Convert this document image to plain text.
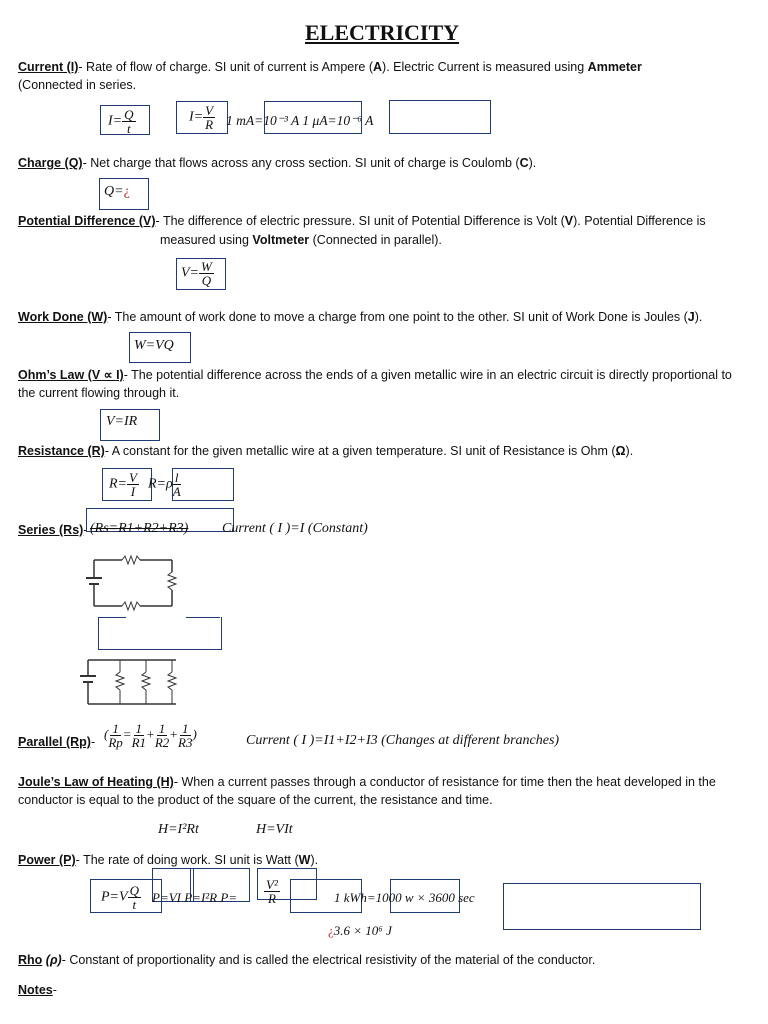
ELECTRICITY
Current (I)- Rate of flow of charge. SI unit of current is Ampere (A). Electric Current is measured using Ammeter
(Connected in series.
$I= \frac{Q}{t}$	$I= \frac{V}{R} 1$ mA=10⁻³ A 1 μA=10⁻⁶ A
Charge (Q)- Net charge that flows across any cross section. SI unit of charge is Coulomb (C).
Q=¿
Potential Difference (V)- The difference of electric pressure. SI unit of Potential Difference is Volt (V). Potential Difference is
measured using Voltmeter (Connected in parallel).
$V= \frac{W}{Q}$
Work Done (W)- The amount of work done to move a charge from one point to the other. SI unit of Work Done is Joules (J).
W=VQ
Ohm’s Law (V ∝ I)- The potential difference across the ends of a given metallic wire in an electric circuit is directly proportional to
the current flowing through it.
V=IR
Resistance (R)- A constant for the given metallic wire at a given temperature. SI unit of Resistance is Ohm (Ω).
$R= \frac{V}{I} R=\rho \frac{l}{A}$
Series (Rs)- (Rs=R1+R2+R3) Current ( I )=I (Constant)
Parallel (Rp)-
( $\frac{1}{Rp} = \frac{1}{R1} + \frac{1}{R2} + \frac{1}{R3}$ )	Current ( I )=I1+I2+I3 (Changes at different branches)
Joule’s Law of Heating (H)- When a current passes through a conductor of resistance for time then the heat developed in the
conductor is equal to the product of the square of the current, the resistance and time.
H=I²Rt	H=VIt
Power (P)- The rate of doing work. SI unit is Watt (W).
$P=V \frac{Q}{t} P=VI$ P=I²R $P= \frac{\text{V²}}{R}$	1 kWh=1000 w × 3600 sec
¿3.6 × 10⁶ J
Rho (ρ)- Constant of proportionality and is called the electrical resistivity of the material of the conductor.
Notes-
